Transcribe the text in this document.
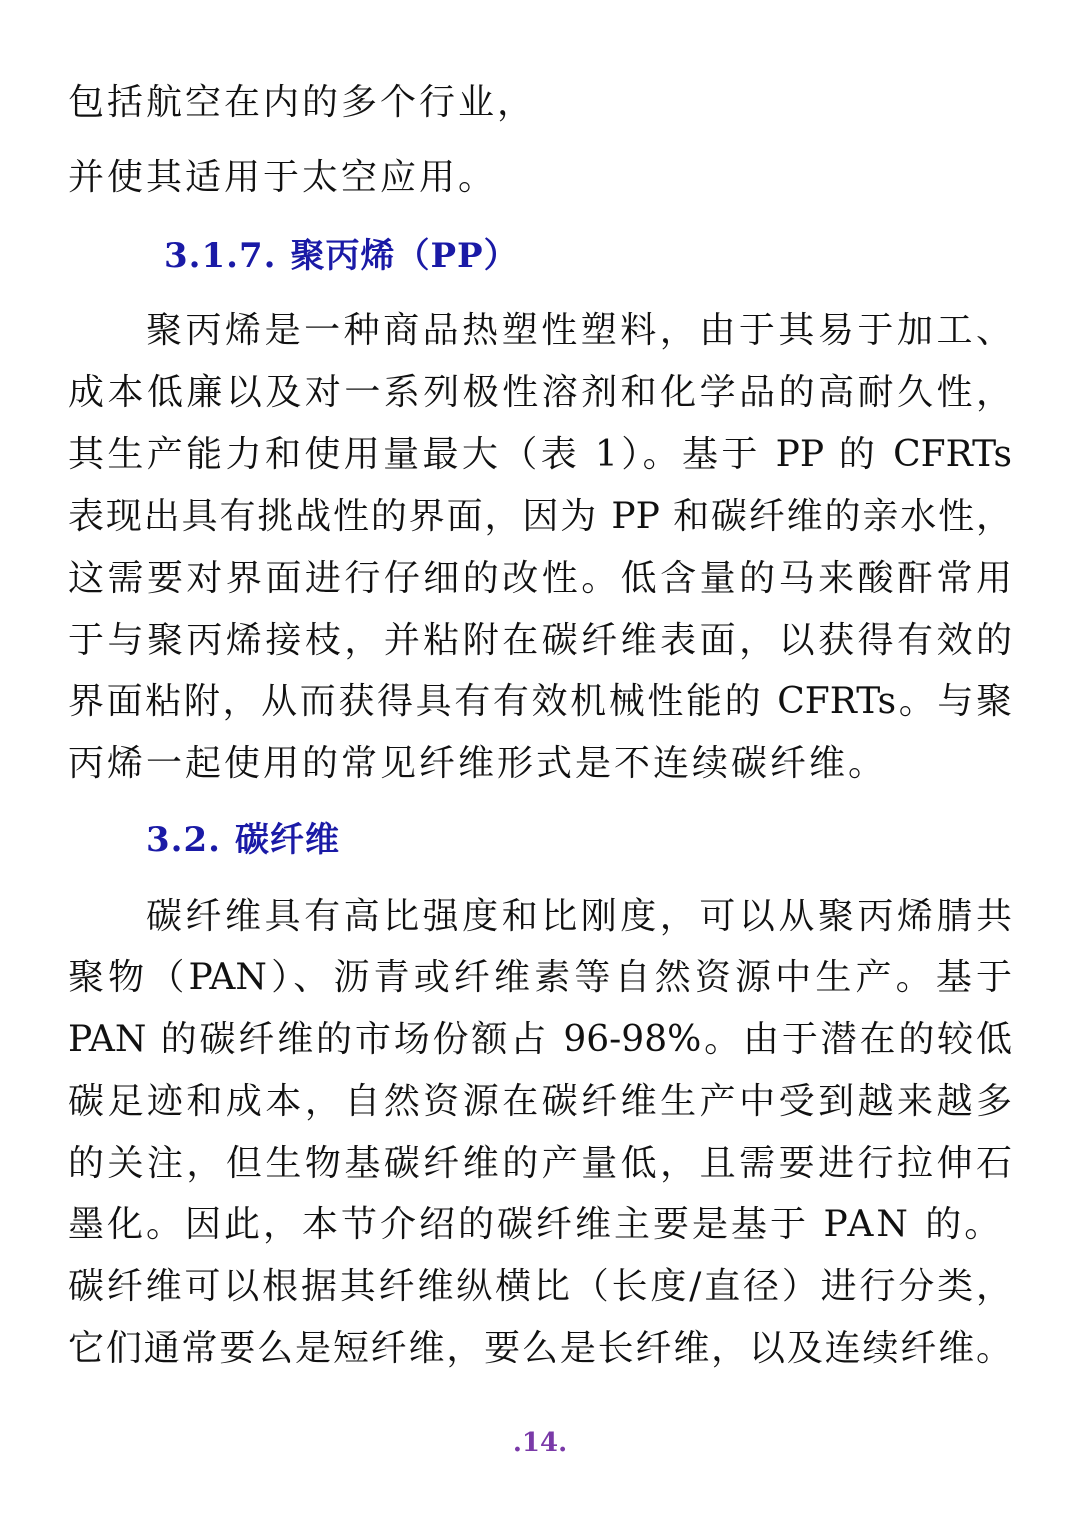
包括航空在内的多个行业，
并使其适用于太空应用。
3.1.7. 聚丙烯（PP）
聚丙烯是一种商品热塑性塑料，由于其易于加工、
成本低廉以及对一系列极性溶剂和化学品的高耐久性，
其生产能力和使用量最大（表 1）。基于 PP 的 CFRTs
表现出具有挑战性的界面，因为 PP 和碳纤维的亲水性，
这需要对界面进行仔细的改性。低含量的马来酸酐常用
于与聚丙烯接枝，并粘附在碳纤维表面，以获得有效的
界面粘附，从而获得具有有效机械性能的 CFRTs。与聚
丙烯一起使用的常见纤维形式是不连续碳纤维。
3.2. 碳纤维
碳纤维具有高比强度和比刚度，可以从聚丙烯腈共
聚物（PAN）、沥青或纤维素等自然资源中生产。基于
PAN 的碳纤维的市场份额占 96-98%。由于潜在的较低
碳足迹和成本，自然资源在碳纤维生产中受到越来越多
的关注，但生物基碳纤维的产量低，且需要进行拉伸石
墨化。因此，本节介绍的碳纤维主要是基于 PAN 的。
碳纤维可以根据其纤维纵横比（长度/直径）进行分类，
它们通常要么是短纤维，要么是长纤维，以及连续纤维。
.14.
